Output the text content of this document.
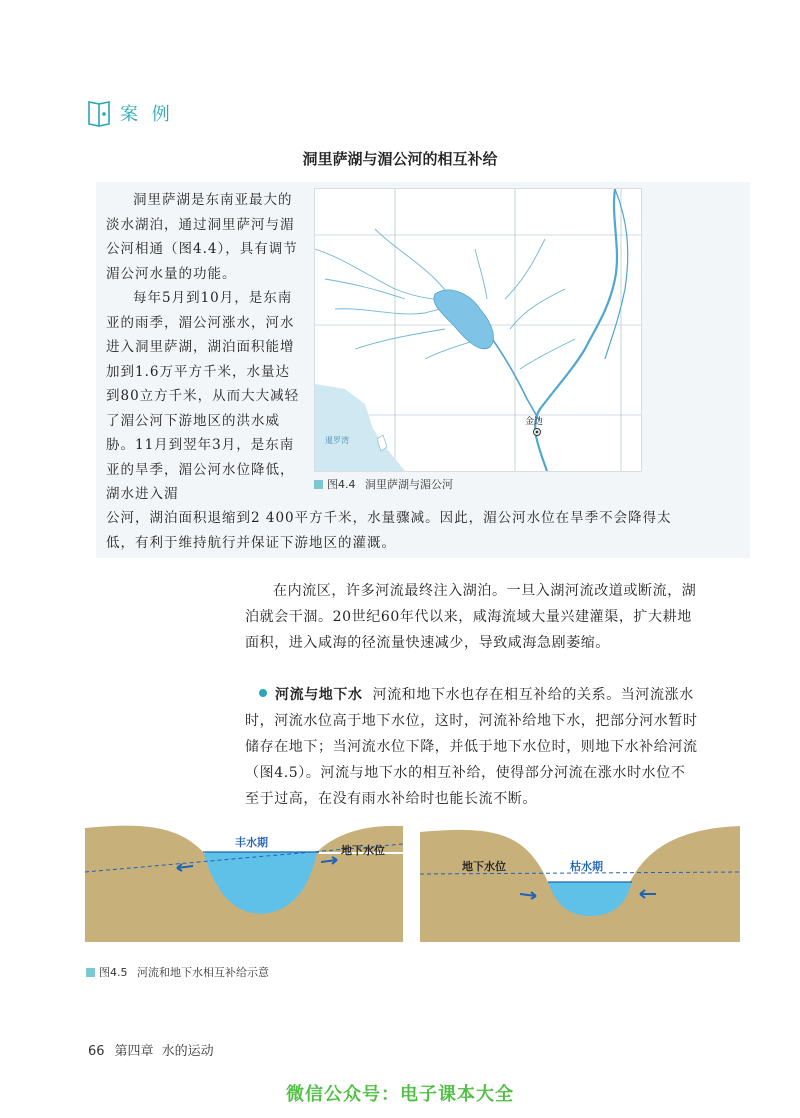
案 例
洞里萨湖与湄公河的相互补给
洞里萨湖是东南亚最大的淡水湖泊，通过洞里萨河与湄公河相通（图4.4），具有调节湄公河水量的功能。
每年5月到10月，是东南亚的雨季，湄公河涨水，河水进入洞里萨湖，湖泊面积能增加到1.6万平方千米，水量达到80立方千米，从而大大减轻了湄公河下游地区的洪水威胁。11月到翌年3月，是东南亚的旱季，湄公河水位降低，湖水进入湄
公河，湖泊面积退缩到2 400平方千米，水量骤减。因此，湄公河水位在旱季不会降得太低，有利于维持航行并保证下游地区的灌溉。
金边
暹罗湾
图4.4 洞里萨湖与湄公河
在内流区，许多河流最终注入湖泊。一旦入湖河流改道或断流，湖泊就会干涸。20世纪60年代以来，咸海流域大量兴建灌渠，扩大耕地面积，进入咸海的径流量快速减少，导致咸海急剧萎缩。
河流与地下水 河流和地下水也存在相互补给的关系。当河流涨水时，河流水位高于地下水位，这时，河流补给地下水，把部分河水暂时储存在地下；当河流水位下降，并低于地下水位时，则地下水补给河流（图4.5）。河流与地下水的相互补给，使得部分河流在涨水时水位不至于过高，在没有雨水补给时也能长流不断。
丰水期
地下水位
地下水位	枯水期
图4.5 河流和地下水相互补给示意
66 第四章 水的运动
微信公众号：电子课本大全
